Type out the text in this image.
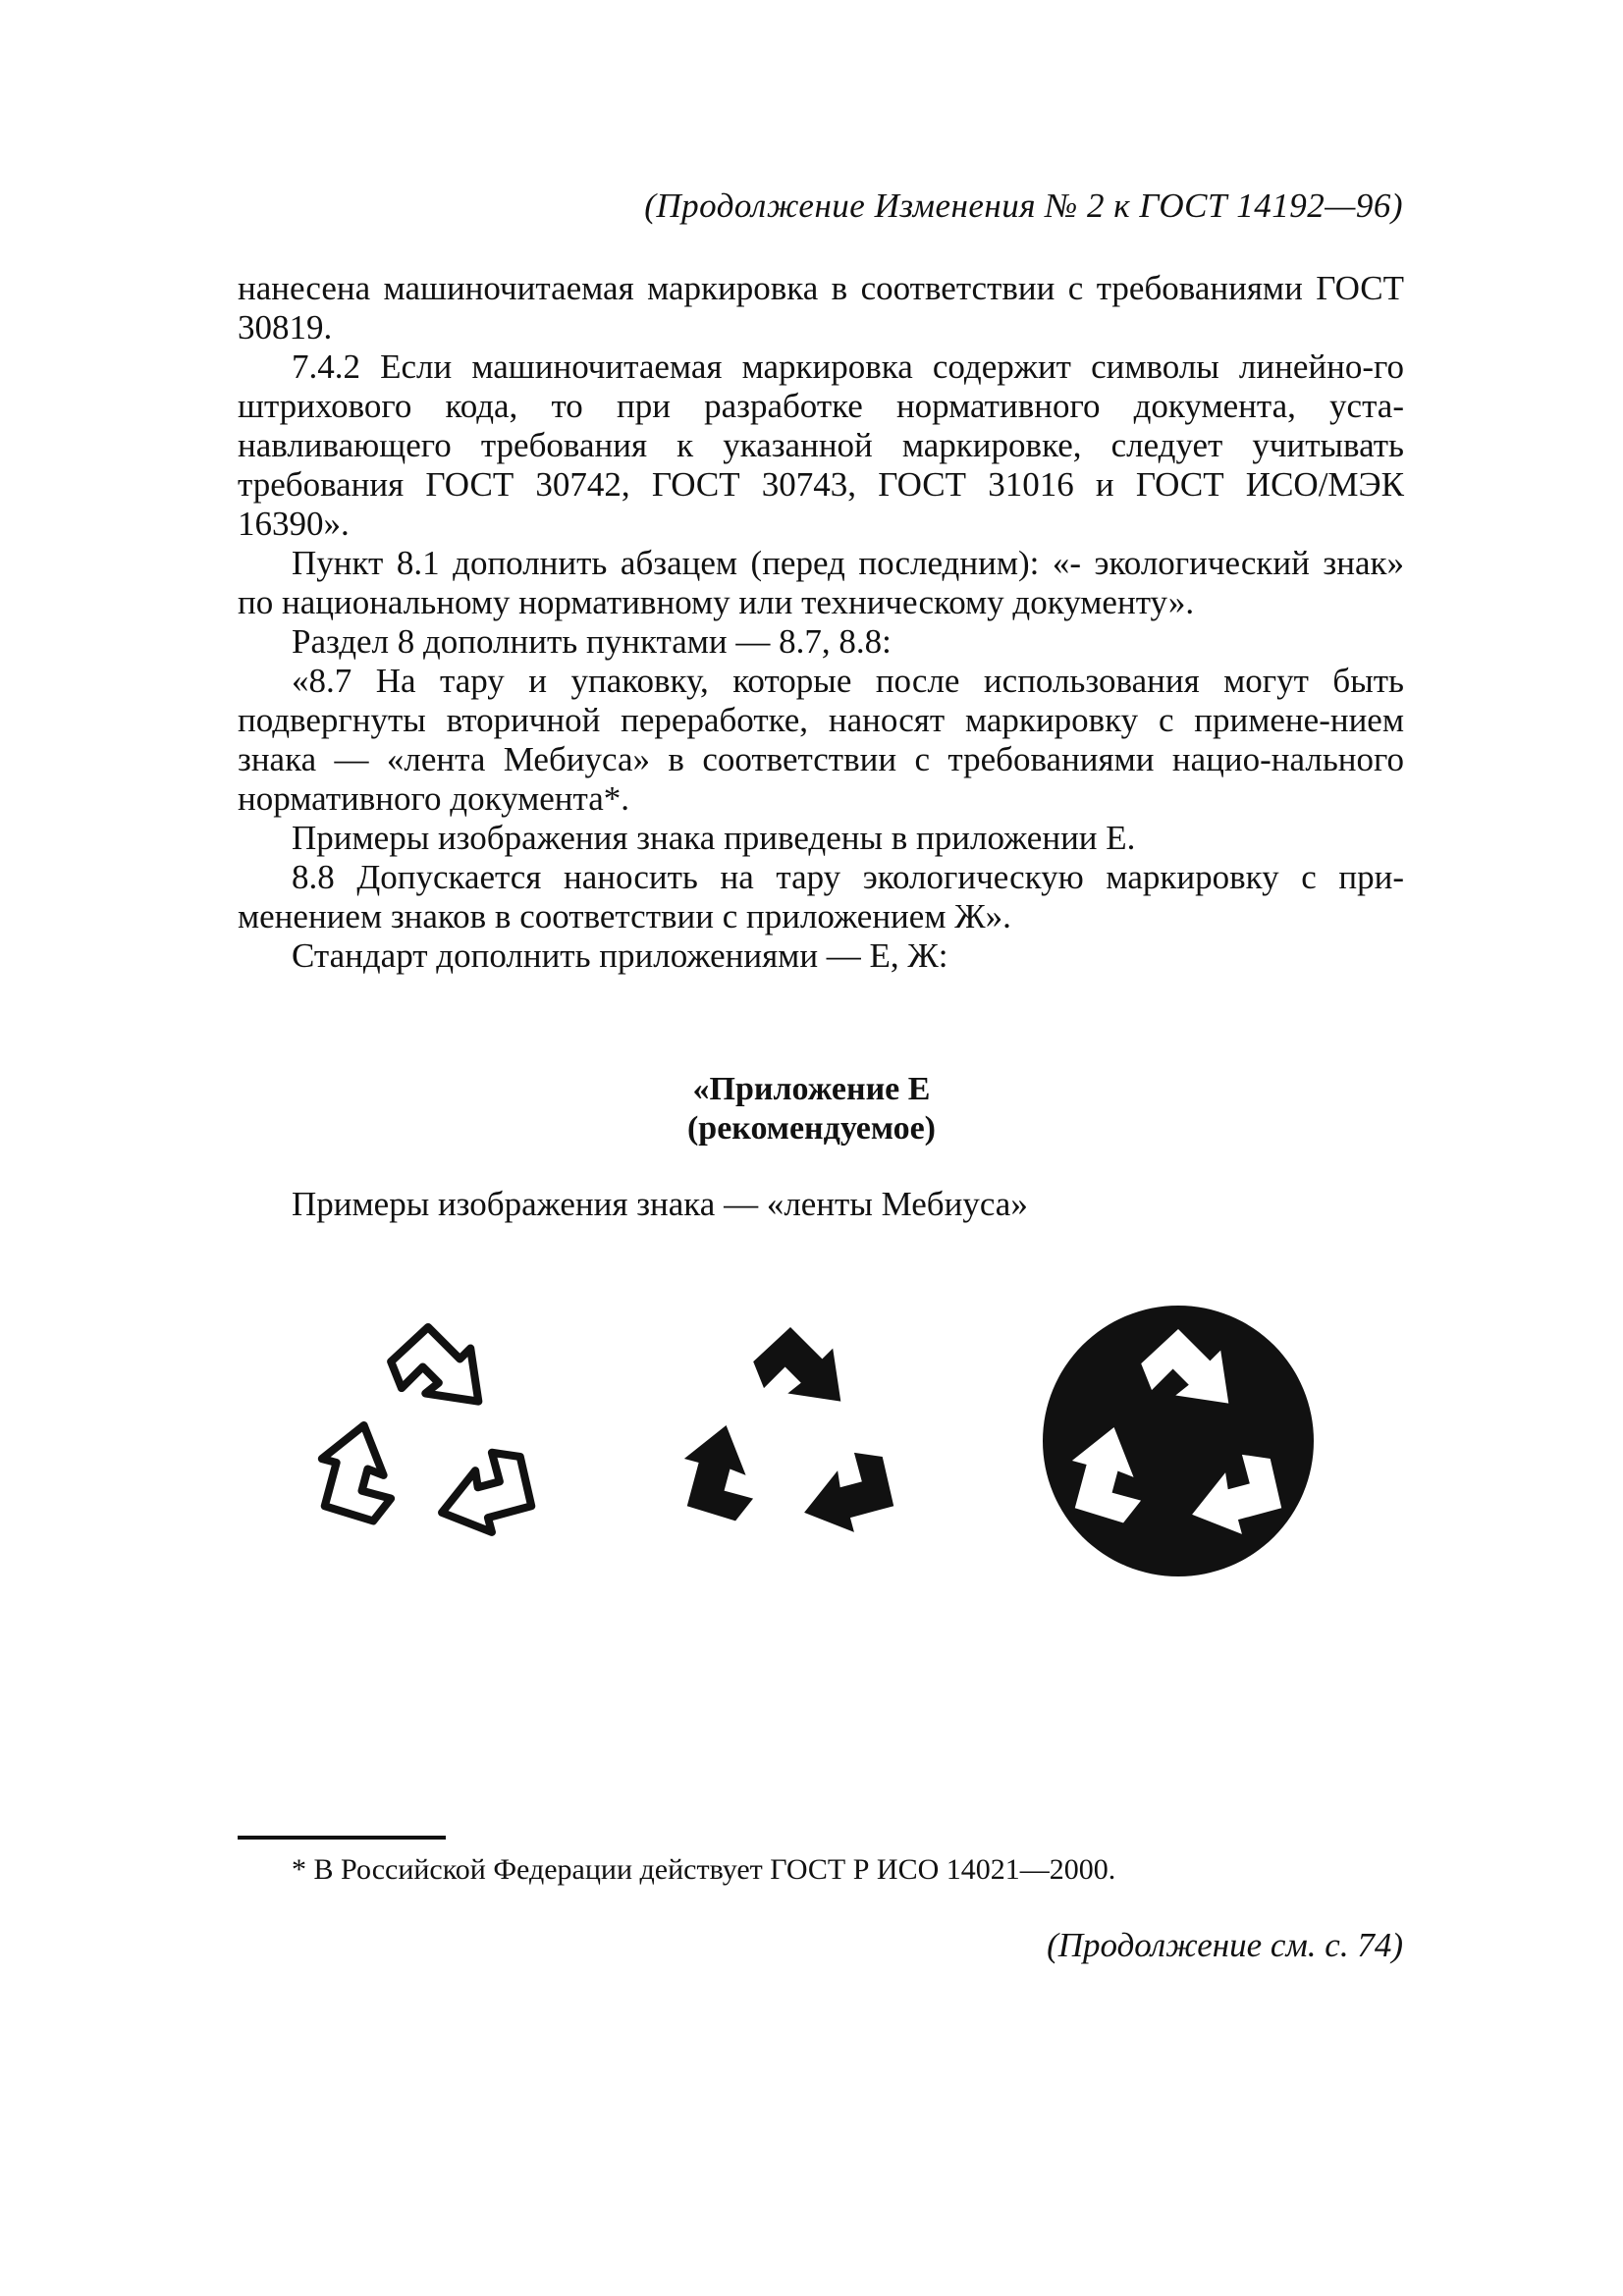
(Продолжение Изменения № 2 к ГОСТ 14192—96)

нанесена машиночитаемая маркировка в соответствии с требованиями ГОСТ 30819.

7.4.2 Если машиночитаемая маркировка содержит символы линейно-го штрихового кода, то при разработке нормативного документа, уста-навливающего требования к указанной маркировке, следует учитывать требования ГОСТ 30742, ГОСТ 30743, ГОСТ 31016 и ГОСТ ИСО/МЭК 16390».

Пункт 8.1 дополнить абзацем (перед последним): «- экологический знак» по национальному нормативному или техническому документу».

Раздел 8 дополнить пунктами — 8.7, 8.8:

«8.7 На тару и упаковку, которые после использования могут быть подвергнуты вторичной переработке, наносят маркировку с примене-нием знака — «лента Мебиуса» в соответствии с требованиями нацио-нального нормативного документа*.

Примеры изображения знака приведены в приложении Е.

8.8 Допускается наносить на тару экологическую маркировку с при-менением знаков в соответствии с приложением Ж».

Стандарт дополнить приложениями — Е, Ж:

«Приложение Е
(рекомендуемое)
Примеры изображения знака — «ленты Мебиуса»
* В Российской Федерации действует ГОСТ Р ИСО 14021—2000.
(Продолжение см. с. 74)
